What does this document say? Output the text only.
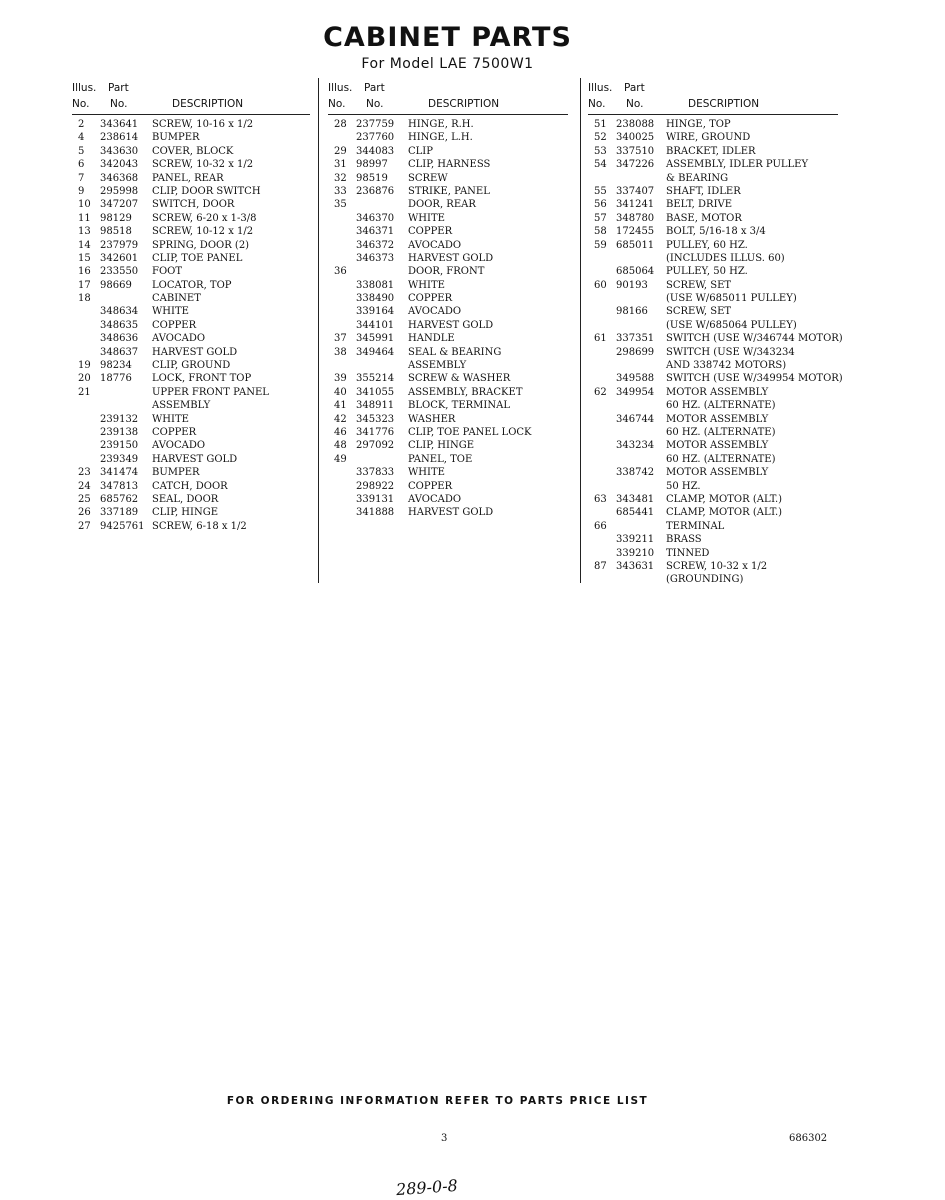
CABINET PARTS
For Model LAE 7500W1
Illus.
No.
Part
No.	DESCRIPTION
2 343641 SCREW, 10-16 x 1/2
4 238614 BUMPER
5 343630 COVER, BLOCK
6 342043 SCREW, 10-32 x 1/2
7 346368 PANEL, REAR
9 295998 CLIP, DOOR SWITCH
10 347207 SWITCH, DOOR
11 98129 SCREW, 6-20 x 1-3/8
13 98518 SCREW, 10-12 x 1/2
14 237979 SPRING, DOOR (2)
15 342601 CLIP, TOE PANEL
16 233550 FOOT
17 98669 LOCATOR, TOP
18	CABINET
348634 WHITE
348635 COPPER
348636 AVOCADO
348637 HARVEST GOLD
19 98234 CLIP, GROUND
20 18776 LOCK, FRONT TOP
21	UPPER FRONT PANEL
ASSEMBLY
239132 WHITE
239138 COPPER
239150 AVOCADO
239349 HARVEST GOLD
23 341474 BUMPER
24 347813 CATCH, DOOR
25 685762 SEAL, DOOR
26 337189 CLIP, HINGE
27 9425761 SCREW, 6-18 x 1/2
Illus.
No.
Part
No.	DESCRIPTION
28 237759 HINGE, R.H.
237760 HINGE, L.H.
29 344083 CLIP
31 98997 CLIP, HARNESS
32 98519 SCREW
33 236876 STRIKE, PANEL
35	DOOR, REAR
346370 WHITE
346371 COPPER
346372 AVOCADO
346373 HARVEST GOLD
36	DOOR, FRONT
338081 WHITE
338490 COPPER
339164 AVOCADO
344101 HARVEST GOLD
37 345991 HANDLE
38 349464 SEAL & BEARING
ASSEMBLY
39 355214 SCREW & WASHER
40 341055 ASSEMBLY, BRACKET
41 348911 BLOCK, TERMINAL
42 345323 WASHER
46 341776 CLIP, TOE PANEL LOCK
48 297092 CLIP, HINGE
49	PANEL, TOE
337833 WHITE
298922 COPPER
339131 AVOCADO
341888 HARVEST GOLD
Illus.
No.
Part
No.	DESCRIPTION
51 238088 HINGE, TOP
52 340025 WIRE, GROUND
53 337510 BRACKET, IDLER
54 347226 ASSEMBLY, IDLER PULLEY
& BEARING
55 337407 SHAFT, IDLER
56 341241 BELT, DRIVE
57 348780 BASE, MOTOR
58 172455 BOLT, 5/16-18 x 3/4
59 685011 PULLEY, 60 HZ.
(INCLUDES ILLUS. 60)
685064 PULLEY, 50 HZ.
60 90193 SCREW, SET
(USE W/685011 PULLEY)
98166 SCREW, SET
(USE W/685064 PULLEY)
61 337351 SWITCH (USE W/346744 MOTOR)
298699 SWITCH (USE W/343234
AND 338742 MOTORS)
349588 SWITCH (USE W/349954 MOTOR)
62 349954 MOTOR ASSEMBLY
60 HZ. (ALTERNATE)
346744 MOTOR ASSEMBLY
60 HZ. (ALTERNATE)
343234 MOTOR ASSEMBLY
60 HZ. (ALTERNATE)
338742 MOTOR ASSEMBLY
50 HZ.
63 343481 CLAMP, MOTOR (ALT.)
685441 CLAMP, MOTOR (ALT.)
66	TERMINAL
339211 BRASS
339210 TINNED
87 343631 SCREW, 10-32 x 1/2
(GROUNDING)
FOR ORDERING INFORMATION REFER TO PARTS PRICE LIST
3	686302
289-0-8
